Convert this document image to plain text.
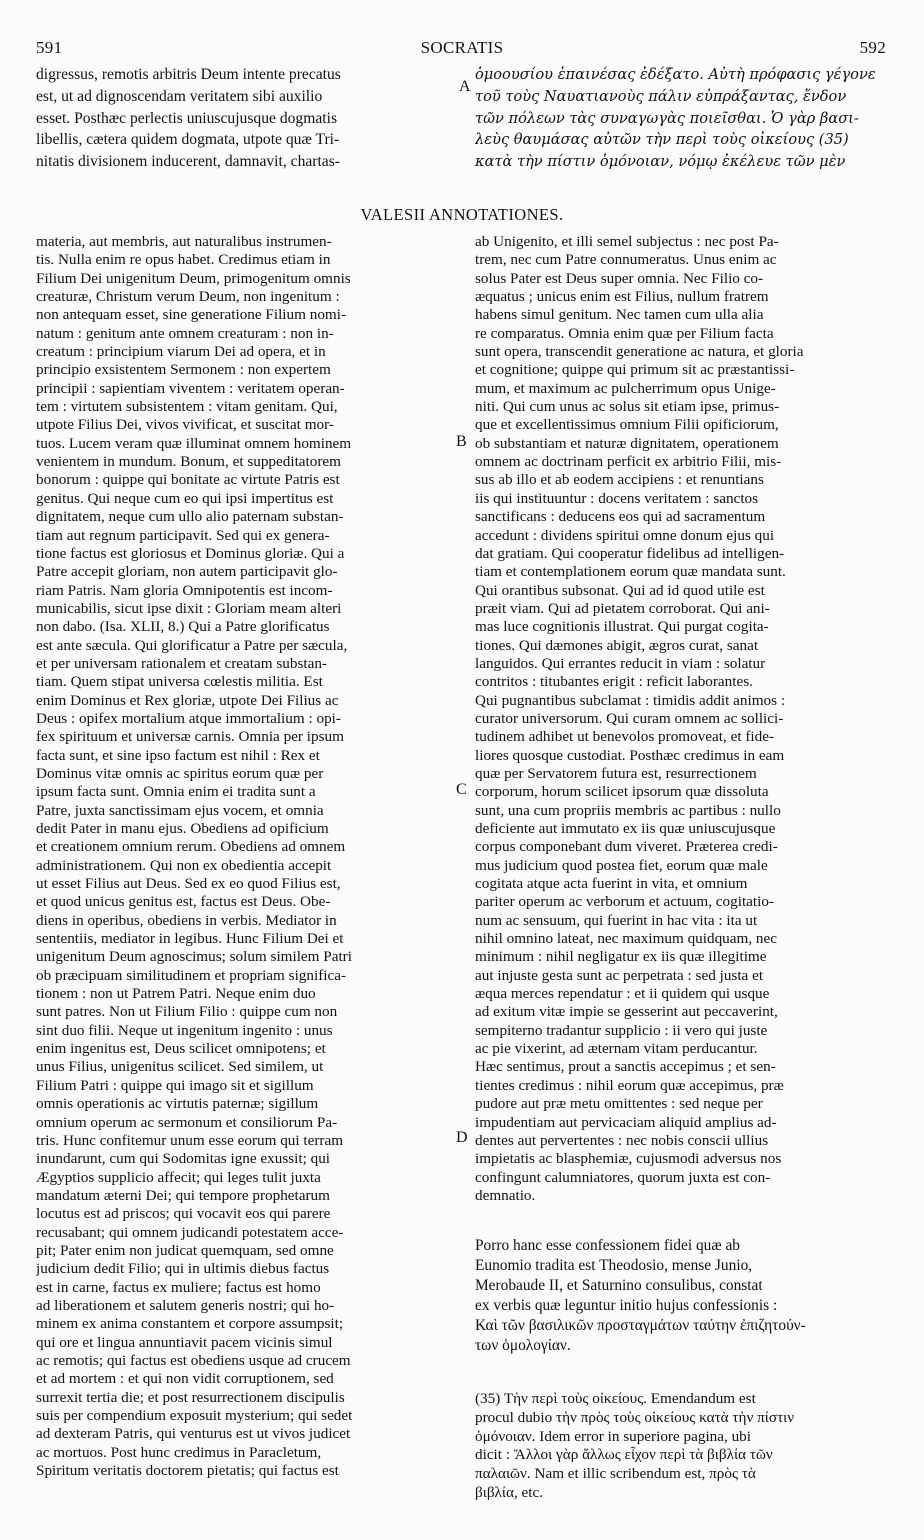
591	SOCRATIS	592
digressus, remotis arbitris Deum intente precatus
est, ut ad dignoscendam veritatem sibi auxilio
esset. Posthæc perlectis uniuscujusque dogmatis
libellis, cætera quidem dogmata, utpote quæ Tri-
nitatis divisionem inducerent, damnavit, chartas-
ὁμοουσίου ἐπαινέσας ἐδέξατο. Αὐτὴ πρόφασις γέγονε
τοῦ τοὺς Ναυατιανοὺς πάλιν εὐπράξαντας, ἔνδον
τῶν πόλεων τὰς συναγωγὰς ποιεῖσθαι. Ὁ γὰρ βασι-
λεὺς θαυμάσας αὐτῶν τὴν περὶ τοὺς οἰκείους (35)
κατὰ τὴν πίστιν ὁμόνοιαν, νόμῳ ἐκέλευε τῶν μὲν
A
VALESII ANNOTATIONES.
materia, aut membris, aut naturalibus instrumen-
tis. Nulla enim re opus habet. Credimus etiam in
Filium Dei unigenitum Deum, primogenitum omnis
creaturæ, Christum verum Deum, non ingenitum :
non antequam esset, sine generatione Filium nomi-
natum : genitum ante omnem creaturam : non in-
creatum : principium viarum Dei ad opera, et in
principio exsistentem Sermonem : non expertem
principii : sapientiam viventem : veritatem operan-
tem : virtutem subsistentem : vitam genitam. Qui,
utpote Filius Dei, vivos vivificat, et suscitat mor-
tuos. Lucem veram quæ illuminat omnem hominem
venientem in mundum. Bonum, et suppeditatorem
bonorum : quippe qui bonitate ac virtute Patris est
genitus. Qui neque cum eo qui ipsi impertitus est
dignitatem, neque cum ullo alio paternam substan-
tiam aut regnum participavit. Sed qui ex genera-
tione factus est gloriosus et Dominus gloriæ. Qui a
Patre accepit gloriam, non autem participavit glo-
riam Patris. Nam gloria Omnipotentis est incom-
municabilis, sicut ipse dixit : Gloriam meam alteri
non dabo. (Isa. XLII, 8.) Qui a Patre glorificatus
est ante sæcula. Qui glorificatur a Patre per sæcula,
et per universam rationalem et creatam substan-
tiam. Quem stipat universa cœlestis militia. Est
enim Dominus et Rex gloriæ, utpote Dei Filius ac
Deus : opifex mortalium atque immortalium : opi-
fex spirituum et universæ carnis. Omnia per ipsum
facta sunt, et sine ipso factum est nihil : Rex et
Dominus vitæ omnis ac spiritus eorum quæ per
ipsum facta sunt. Omnia enim ei tradita sunt a
Patre, juxta sanctissimam ejus vocem, et omnia
dedit Pater in manu ejus. Obediens ad opificium
et creationem omnium rerum. Obediens ad omnem
administrationem. Qui non ex obedientia accepit
ut esset Filius aut Deus. Sed ex eo quod Filius est,
et quod unicus genitus est, factus est Deus. Obe-
diens in operibus, obediens in verbis. Mediator in
sententiis, mediator in legibus. Hunc Filium Dei et
unigenitum Deum agnoscimus; solum similem Patri
ob præcipuam similitudinem et propriam significa-
tionem : non ut Patrem Patri. Neque enim duo
sunt patres. Non ut Filium Filio : quippe cum non
sint duo filii. Neque ut ingenitum ingenito : unus
enim ingenitus est, Deus scilicet omnipotens; et
unus Filius, unigenitus scilicet. Sed similem, ut
Filium Patri : quippe qui imago sit et sigillum
omnis operationis ac virtutis paternæ; sigillum
omnium operum ac sermonum et consiliorum Pa-
tris. Hunc confitemur unum esse eorum qui terram
inundarunt, cum qui Sodomitas igne exussit; qui
Ægyptios supplicio affecit; qui leges tulit juxta
mandatum æterni Dei; qui tempore prophetarum
locutus est ad priscos; qui vocavit eos qui parere
recusabant; qui omnem judicandi potestatem acce-
pit; Pater enim non judicat quemquam, sed omne
judicium dedit Filio; qui in ultimis diebus factus
est in carne, factus ex muliere; factus est homo
ad liberationem et salutem generis nostri; qui ho-
minem ex anima constantem et corpore assumpsit;
qui ore et lingua annuntiavit pacem vicinis simul
ac remotis; qui factus est obediens usque ad crucem
et ad mortem : et qui non vidit corruptionem, sed
surrexit tertia die; et post resurrectionem discipulis
suis per compendium exposuit mysterium; qui sedet
ad dexteram Patris, qui venturus est ut vivos judicet
ac mortuos. Post hunc credimus in Paracletum,
Spiritum veritatis doctorem pietatis; qui factus est
ab Unigenito, et illi semel subjectus : nec post Pa-
trem, nec cum Patre connumeratus. Unus enim ac
solus Pater est Deus super omnia. Nec Filio co-
æquatus ; unicus enim est Filius, nullum fratrem
habens simul genitum. Nec tamen cum ulla alia
re comparatus. Omnia enim quæ per Filium facta
sunt opera, transcendit generatione ac natura, et gloria
et cognitione; quippe qui primum sit ac præstantissi-
mum, et maximum ac pulcherrimum opus Unige-
niti. Qui cum unus ac solus sit etiam ipse, primus-
que et excellentissimus omnium Filii opificiorum,
ob substantiam et naturæ dignitatem, operationem
omnem ac doctrinam perficit ex arbitrio Filii, mis-
sus ab illo et ab eodem accipiens : et renuntians
iis qui instituuntur : docens veritatem : sanctos
sanctificans : deducens eos qui ad sacramentum
accedunt : dividens spiritui omne donum ejus qui
dat gratiam. Qui cooperatur fidelibus ad intelligen-
tiam et contemplationem eorum quæ mandata sunt.
Qui orantibus subsonat. Qui ad id quod utile est
præit viam. Qui ad pietatem corroborat. Qui ani-
mas luce cognitionis illustrat. Qui purgat cogita-
tiones. Qui dæmones abigit, ægros curat, sanat
languidos. Qui errantes reducit in viam : solatur
contritos : titubantes erigit : reficit laborantes.
Qui pugnantibus subclamat : timidis addit animos :
curator universorum. Qui curam omnem ac sollici-
tudinem adhibet ut benevolos promoveat, et fide-
liores quosque custodiat. Posthæc credimus in eam
quæ per Servatorem futura est, resurrectionem
corporum, horum scilicet ipsorum quæ dissoluta
sunt, una cum propriis membris ac partibus : nullo
deficiente aut immutato ex iis quæ uniuscujusque
corpus componebant dum viveret. Præterea credi-
mus judicium quod postea fiet, eorum quæ male
cogitata atque acta fuerint in vita, et omnium
pariter operum ac verborum et actuum, cogitatio-
num ac sensuum, qui fuerint in hac vita : ita ut
nihil omnino lateat, nec maximum quidquam, nec
minimum : nihil negligatur ex iis quæ illegitime
aut injuste gesta sunt ac perpetrata : sed justa et
æqua merces rependatur : et ii quidem qui usque
ad exitum vitæ impie se gesserint aut peccaverint,
sempiterno tradantur supplicio : ii vero qui juste
ac pie vixerint, ad æternam vitam perducantur.
Hæc sentimus, prout a sanctis accepimus ; et sen-
tientes credimus : nihil eorum quæ accepimus, præ
pudore aut præ metu omittentes : sed neque per
impudentiam aut pervicaciam aliquid amplius ad-
dentes aut pervertentes : nec nobis conscii ullius
impietatis ac blasphemiæ, cujusmodi adversus nos
confingunt calumniatores, quorum juxta est con-
demnatio.
B
C
D
Porro hanc esse confessionem fidei quæ ab
Eunomio tradita est Theodosio, mense Junio,
Merobaude II, et Saturnino consulibus, constat
ex verbis quæ leguntur initio hujus confessionis :
Καὶ τῶν βασιλικῶν προσταγμάτων ταύτην ἐπιζητούν-
των ὁμολογίαν.
(35) Τὴν περὶ τοὺς οἰκείους. Emendandum est
procul dubio τὴν πρὸς τοὺς οἰκείους κατὰ τὴν πίστιν
ὁμόνοιαν. Idem error in superiore pagina, ubi
dicit : Ἄλλοι γὰρ ἄλλως εἶχον περὶ τὰ βιβλία τῶν
παλαιῶν. Nam et illic scribendum est, πρὸς τὰ
βιβλία, etc.
